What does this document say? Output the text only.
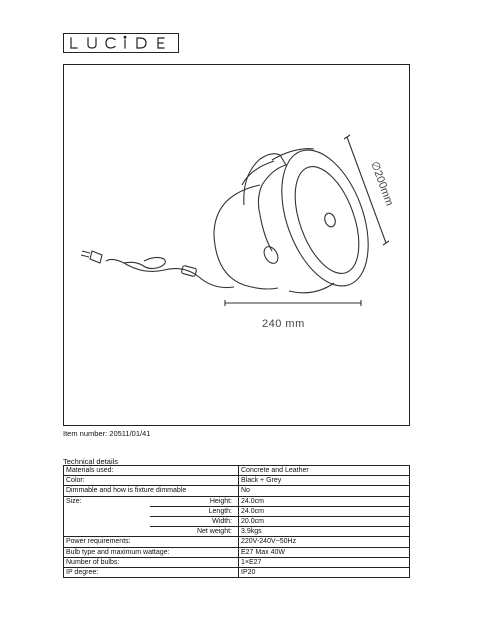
∅200mm
240 mm
Item number: 20511/01/41
Technical details
Materials used:		Concrete and Leather
Color:		Black + Grey
Dimmable and how is fixture dimmable		No
Size:	Height:	24.0cm
	Length:	24.0cm
	Width:	20.0cm
	Net weight:	3.9kgs
Power requirements:		220V-240V~50Hz
Bulb type and maximum wattage:		E27 Max 40W
Number of bulbs:		1×E27
IP degree:		IP20
